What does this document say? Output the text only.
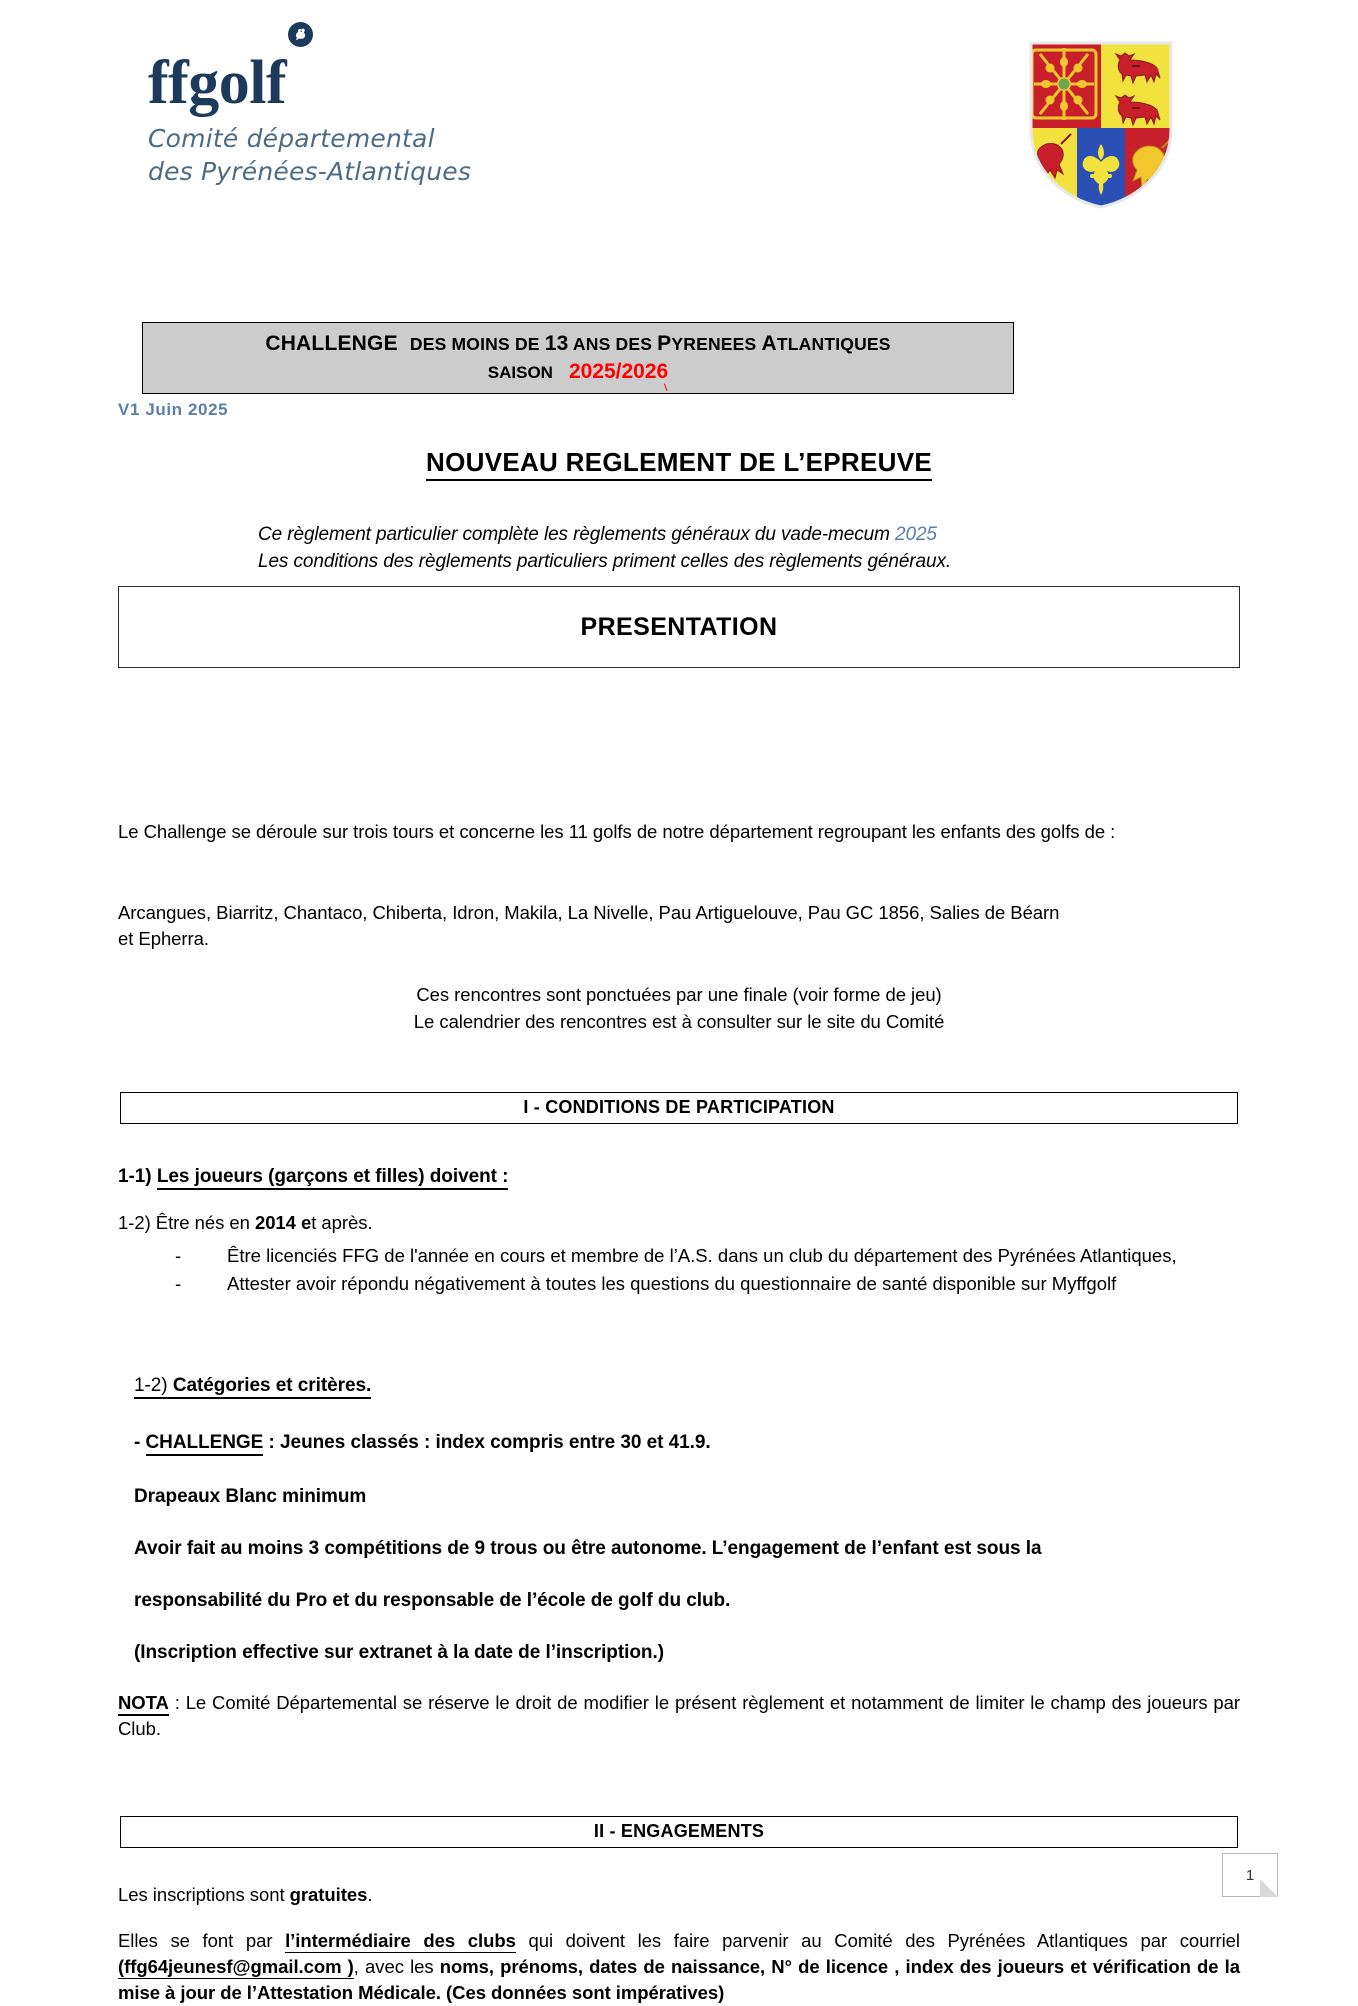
ffgolf
Comité départemental
des Pyrénées-Atlantiques
CHALLENGE DES MOINS DE 13 ANS DES PYRENEES ATLANTIQUES
SAISON 2025/2026
V1 Juin 2025
NOUVEAU REGLEMENT DE L’EPREUVE
Ce règlement particulier complète les règlements généraux du vade-mecum 2025
Les conditions des règlements particuliers priment celles des règlements généraux.
PRESENTATION
Le Challenge se déroule sur trois tours et concerne les 11 golfs de notre département regroupant les enfants des golfs de :
Arcangues, Biarritz, Chantaco, Chiberta, Idron, Makila, La Nivelle, Pau Artiguelouve, Pau GC 1856, Salies de Béarn
et Epherra.
Ces rencontres sont ponctuées par une finale (voir forme de jeu)
Le calendrier des rencontres est à consulter sur le site du Comité
I - CONDITIONS DE PARTICIPATION
1-1) Les joueurs (garçons et filles) doivent :
1-2) Être nés en 2014 et après.
-	Être licenciés FFG de l'année en cours et membre de l’A.S. dans un club du département des Pyrénées Atlantiques,
-	Attester avoir répondu négativement à toutes les questions du questionnaire de santé disponible sur Myffgolf
1-2) Catégories et critères.
- CHALLENGE : Jeunes classés : index compris entre 30 et 41.9.
Drapeaux Blanc minimum
Avoir fait au moins 3 compétitions de 9 trous ou être autonome. L’engagement de l’enfant est sous la
responsabilité du Pro et du responsable de l’école de golf du club.
(Inscription effective sur extranet à la date de l’inscription.)
NOTA : Le Comité Départemental se réserve le droit de modifier le présent règlement et notamment de limiter le champ des joueurs par Club.
II - ENGAGEMENTS
Les inscriptions sont gratuites.
Elles se font par l’intermédiaire des clubs qui doivent les faire parvenir au Comité des Pyrénées Atlantiques par courriel (ffg64jeunesf@gmail.com ), avec les noms, prénoms, dates de naissance, N° de licence , index des joueurs et vérification de la mise à jour de l’Attestation Médicale. (Ces données sont impératives)
1
